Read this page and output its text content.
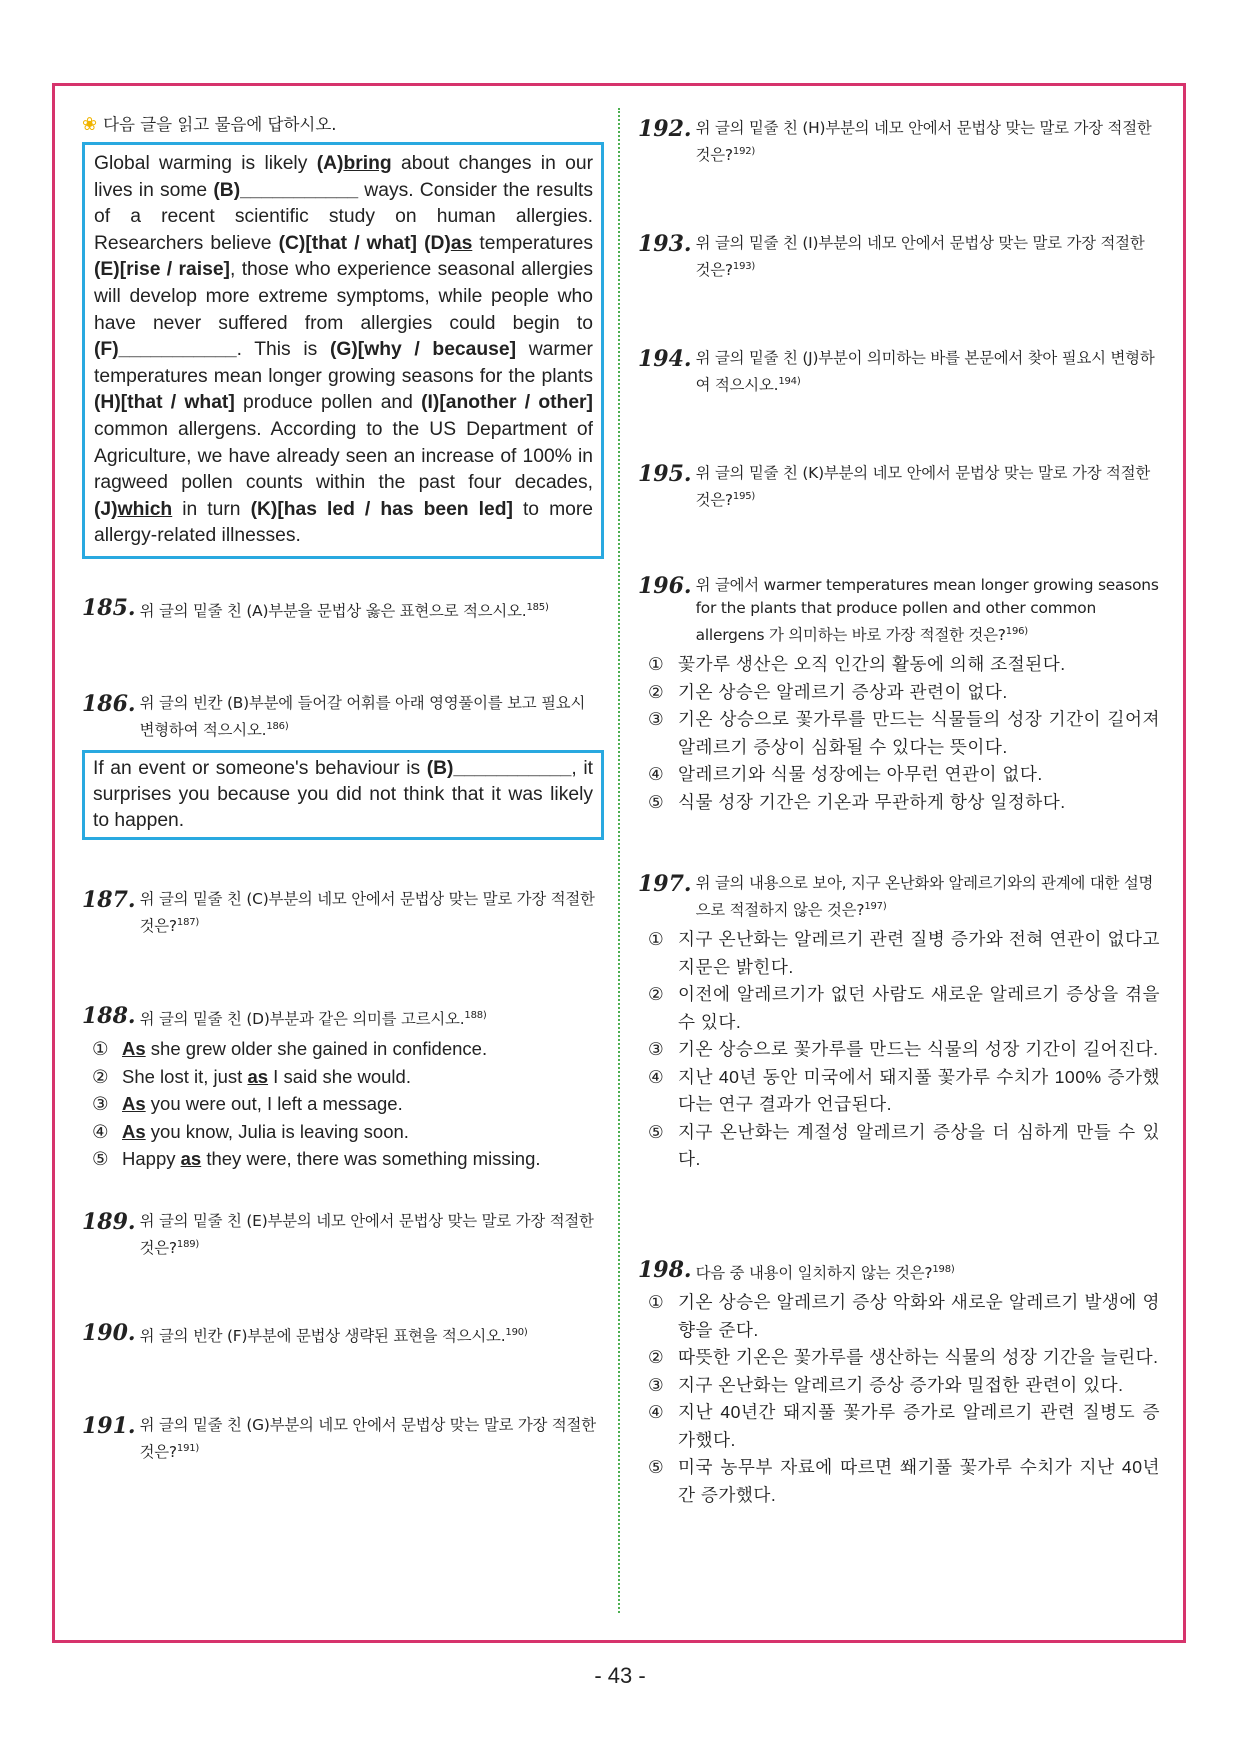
❀ 다음 글을 읽고 물음에 답하시오.
Global warming is likely (A)bring about changes in our lives in some (B)___________ ways. Consider the results of a recent scientific study on human allergies. Researchers believe (C)[that / what] (D)as temperatures (E)[rise / raise], those who experience seasonal allergies will develop more extreme symptoms, while people who have never suffered from allergies could begin to (F)___________. This is (G)[why / because] warmer temperatures mean longer growing seasons for the plants (H)[that / what] produce pollen and (I)[another / other] common allergens. According to the US Department of Agriculture, we have already seen an increase of 100% in ragweed pollen counts within the past four decades, (J)which in turn (K)[has led / has been led] to more allergy-related illnesses.
185. 위 글의 밑줄 친 (A)부분을 문법상 옳은 표현으로 적으시오.$^{185)}$
186. 위 글의 빈칸 (B)부분에 들어갈 어휘를 아래 영영풀이를 보고 필요시 변형하여 적으시오.$^{186)}$
If an event or someone's behaviour is (B)___________, it surprises you because you did not think that it was likely to happen.
187. 위 글의 밑줄 친 (C)부분의 네모 안에서 문법상 맞는 말로 가장 적절한 것은?$^{187)}$
188. 위 글의 밑줄 친 (D)부분과 같은 의미를 고르시오.$^{188)}$
① As she grew older she gained in confidence.
② She lost it, just as I said she would.
③ As you were out, I left a message.
④ As you know, Julia is leaving soon.
⑤ Happy as they were, there was something missing.
189. 위 글의 밑줄 친 (E)부분의 네모 안에서 문법상 맞는 말로 가장 적절한 것은?$^{189)}$
190. 위 글의 빈칸 (F)부분에 문법상 생략된 표현을 적으시오.$^{190)}$
191. 위 글의 밑줄 친 (G)부분의 네모 안에서 문법상 맞는 말로 가장 적절한 것은?$^{191)}$
192. 위 글의 밑줄 친 (H)부분의 네모 안에서 문법상 맞는 말로 가장 적절한 것은?$^{192)}$
193. 위 글의 밑줄 친 (I)부분의 네모 안에서 문법상 맞는 말로 가장 적절한 것은?$^{193)}$
194. 위 글의 밑줄 친 (J)부분이 의미하는 바를 본문에서 찾아 필요시 변형하여 적으시오.$^{194)}$
195. 위 글의 밑줄 친 (K)부분의 네모 안에서 문법상 맞는 말로 가장 적절한 것은?$^{195)}$
196. 위 글에서 warmer temperatures mean longer growing seasons for the plants that produce pollen and other common allergens 가 의미하는 바로 가장 적절한 것은?$^{196)}$
① 꽃가루 생산은 오직 인간의 활동에 의해 조절된다.
② 기온 상승은 알레르기 증상과 관련이 없다.
③ 기온 상승으로 꽃가루를 만드는 식물들의 성장 기간이 길어져 알레르기 증상이 심화될 수 있다는 뜻이다.
④ 알레르기와 식물 성장에는 아무런 연관이 없다.
⑤ 식물 성장 기간은 기온과 무관하게 항상 일정하다.
197. 위 글의 내용으로 보아, 지구 온난화와 알레르기와의 관계에 대한 설명으로 적절하지 않은 것은?$^{197)}$
① 지구 온난화는 알레르기 관련 질병 증가와 전혀 연관이 없다고 지문은 밝힌다.
② 이전에 알레르기가 없던 사람도 새로운 알레르기 증상을 겪을 수 있다.
③ 기온 상승으로 꽃가루를 만드는 식물의 성장 기간이 길어진다.
④ 지난 40년 동안 미국에서 돼지풀 꽃가루 수치가 100% 증가했다는 연구 결과가 언급된다.
⑤ 지구 온난화는 계절성 알레르기 증상을 더 심하게 만들 수 있다.
198. 다음 중 내용이 일치하지 않는 것은?$^{198)}$
① 기온 상승은 알레르기 증상 악화와 새로운 알레르기 발생에 영향을 준다.
② 따뜻한 기온은 꽃가루를 생산하는 식물의 성장 기간을 늘린다.
③ 지구 온난화는 알레르기 증상 증가와 밀접한 관련이 있다.
④ 지난 40년간 돼지풀 꽃가루 증가로 알레르기 관련 질병도 증가했다.
⑤ 미국 농무부 자료에 따르면 쐐기풀 꽃가루 수치가 지난 40년간 증가했다.
- 43 -
